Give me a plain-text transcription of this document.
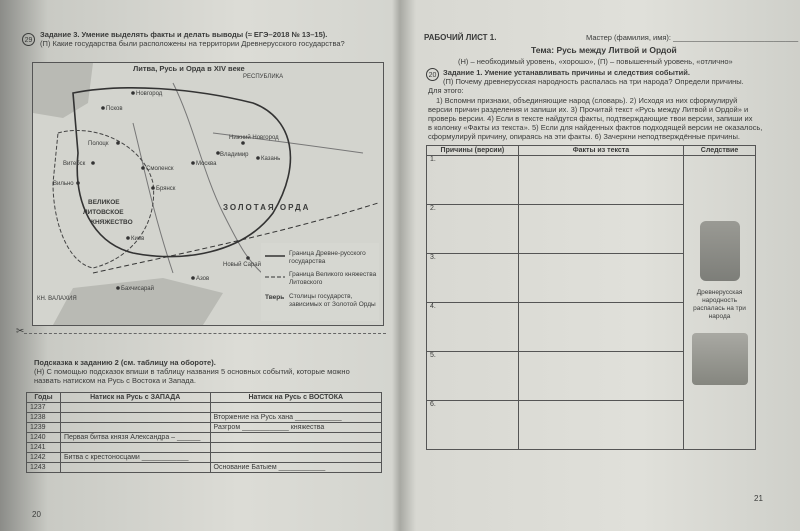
29
Задание 3. Умение выделять факты и делать выводы (≈ ЕГЭ–2018 № 13–15).
(П) Какие государства были расположены на территории Древнерусского государства?
Литва, Русь и Орда в XIV веке
РЕСПУБЛИКА
Новгород
Псков
Полоцк
Витебск
Смоленск
Москва
Владимир
Казань
Нижний Новгород
Вильно
Брянск
ВЕЛИКОЕ
ЛИТОВСКОЕ
КНЯЖЕСТВО
ЗОЛОТАЯ ОРДА
Киев
Новый Сарай
Бахчисарай
Азов
КН. ВАЛАХИЯ
Граница Древне-русского государства
Граница Великого княжества Литовского
Тверь Столицы государств, зависимых от Золотой Орды
✂
Подсказка к заданию 2 (см. таблицу на обороте).
(Н) С помощью подсказок впиши в таблицу названия 5 основных событий, которые можно
назвать натиском на Русь с Востока и Запада.
Годы	Натиск на Русь с ЗАПАДА	Натиск на Русь с ВОСТОКА
1237		
1238		Вторжение на Русь хана ____________
1239		Разгром ____________ княжества
1240	Первая битва князя Александра – ______	
1241		
1242	Битва с крестоносцами ____________	
1243		Основание Батыем ____________
20
РАБОЧИЙ ЛИСТ 1.	Мастер (фамилия, имя): ______________________________
Тема: Русь между Литвой и Ордой
(Н) – необходимый уровень, «хорошо», (П) – повышенный уровень, «отлично»
20 Задание 1. Умение устанавливать причины и следствия событий.
(П) Почему древнерусская народность распалась на три народа? Определи причины.
Для этого:
1) Вспомни признаки, объединяющие народ (словарь). 2) Исходя из них сформулируй
версии причин разделения и запиши их. 3) Прочитай текст «Русь между Литвой и Ордой» и
проверь версии. 4) Если в тексте найдутся факты, подтверждающие твои версии, запиши их
в колонку «Факты из текста». 5) Если для найденных фактов подходящей версии не оказалось,
сформулируй причину, опираясь на эти факты. 6) Зачеркни неподтверждённые причины.
Причины (версии)	Факты из текста	Следствие
1.		Древнерусская народность распалась на три народа

2.		
3.		
4.		
5.		
6.		
21
